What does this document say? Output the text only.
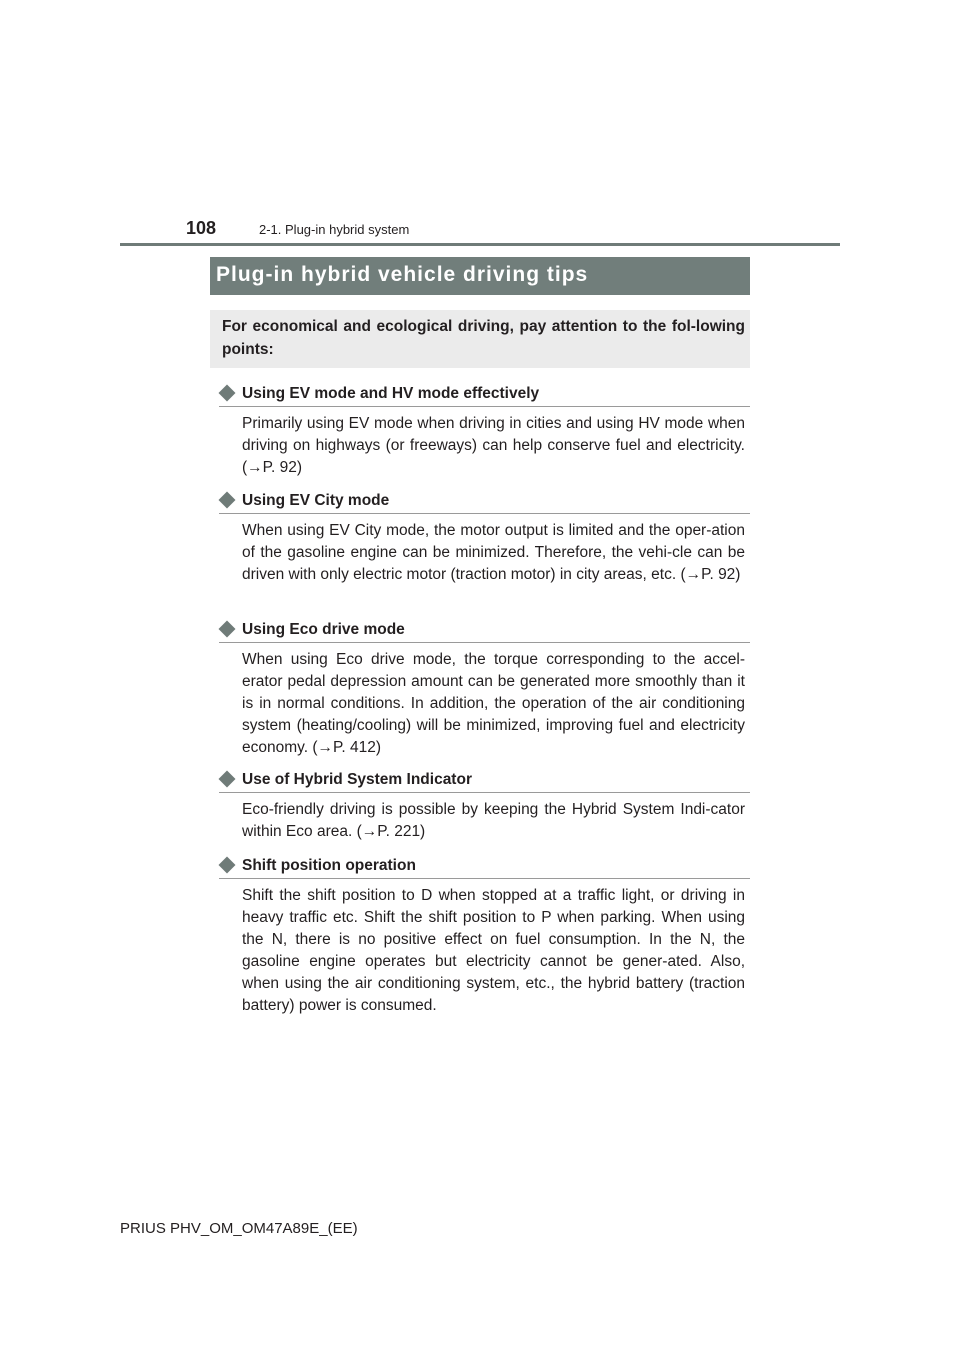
108	2-1. Plug-in hybrid system
Plug-in hybrid vehicle driving tips
For economical and ecological driving, pay attention to the fol-lowing points:
Using EV mode and HV mode effectively
Primarily using EV mode when driving in cities and using HV mode when driving on highways (or freeways) can help conserve fuel and electricity. (→P. 92)
Using EV City mode
When using EV City mode, the motor output is limited and the oper-ation of the gasoline engine can be minimized. Therefore, the vehi-cle can be driven with only electric motor (traction motor) in city areas, etc. (→P. 92)
Using Eco drive mode
When using Eco drive mode, the torque corresponding to the accel-erator pedal depression amount can be generated more smoothly than it is in normal conditions. In addition, the operation of the air conditioning system (heating/cooling) will be minimized, improving fuel and electricity economy. (→P. 412)
Use of Hybrid System Indicator
Eco-friendly driving is possible by keeping the Hybrid System Indi-cator within Eco area. (→P. 221)
Shift position operation
Shift the shift position to D when stopped at a traffic light, or driving in heavy traffic etc. Shift the shift position to P when parking. When using the N, there is no positive effect on fuel consumption. In the N, the gasoline engine operates but electricity cannot be gener-ated. Also, when using the air conditioning system, etc., the hybrid battery (traction battery) power is consumed.
PRIUS PHV_OM_OM47A89E_(EE)
